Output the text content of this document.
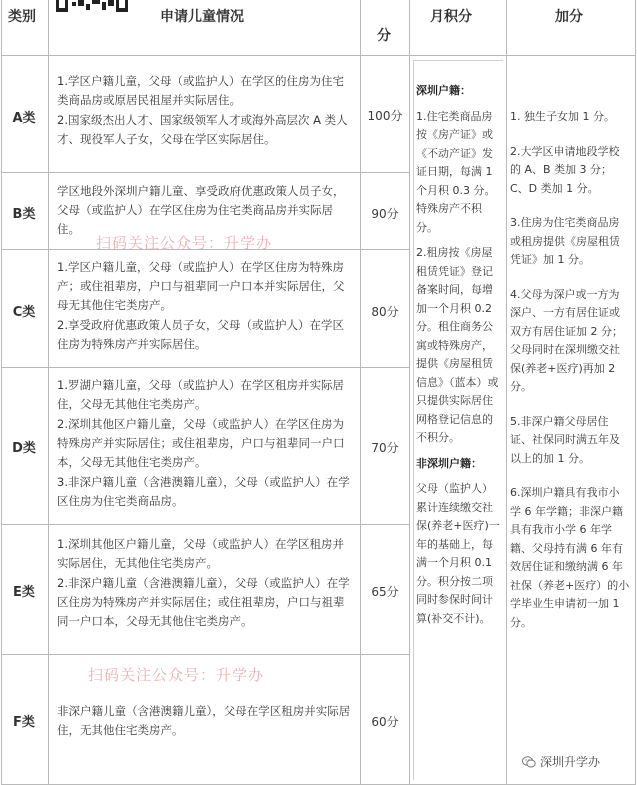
类别	申请儿童情况
分
月积分	加分
A类

1.学区户籍儿童，父母（或监护人）在学区的住房为住宅类商品房或原居民祖屋并实际居住。

2.国家级杰出人才、国家级领军人才或海外高层次 A 类人才、现役军人子女，父母在学区实际居住。

100分
B类

学区地段外深圳户籍儿童、享受政府优惠政策人员子女，父母（或监护人）在学区住房为住宅类商品房并实际居住。

90分
扫码关注公众号：升学办
C类

1.学区户籍儿童，父母（或监护人）在学区住房为特殊房产；或住祖辈房，户口与祖辈同一户口本并实际居住，父母无其他住宅类房产。

2.享受政府优惠政策人员子女，父母（或监护人）在学区住房为特殊房产并实际居住。

80分
D类

1.罗湖户籍儿童，父母（或监护人）在学区租房并实际居住，父母无其他住宅类房产。

2.深圳其他区户籍儿童，父母（或监护人）在学区住房为特殊房产并实际居住；或住祖辈房，户口与祖辈同一户口本，父母无其他住宅类房产。

3.非深户籍儿童（含港澳籍儿童），父母（或监护人）在学区住房为住宅类商品房。

70分
E类

1.深圳其他区户籍儿童，父母（或监护人）在学区租房并实际居住，无其他住宅类房产。

2.非深户籍儿童（含港澳籍儿童），父母（或监护人）在学区住房为特殊房产并实际居住；或住祖辈房，户口与祖辈同一户口本，父母无其他住宅类房产。

65分
扫码关注公众号：升学办
F类

非深户籍儿童（含港澳籍儿童），父母在学区租房并实际居住，无其他住宅类房产。

60分

深圳户籍：

1.住宅类商品房按《房产证》或《不动产证》发证日期，每满 1 个月积 0.3 分。特殊房产不积分。

2.租房按《房屋租赁凭证》登记备案时间，每增加一个月积 0.2 分。租住商务公寓或特殊房产，提供《房屋租赁信息》（蓝本）或只提供实际居住网格登记信息的不积分。

非深圳户籍：

父母（监护人）累计连续缴交社保(养老+医疗)一年的基础上，每满一个月积 0.1 分。积分按二项同时参保时间计算(补交不计)。

1. 独生子女加 1 分。

2.大学区申请地段学校的 A、B 类加 3 分；C、D 类加 1 分。

3.住房为住宅类商品房或租房提供《房屋租赁凭证》加 1 分。

4.父母为深户或一方为深户、一方有居住证或双方有居住证加 2 分；父母同时在深圳缴交社保(养老+医疗)再加 2 分。

5.非深户籍父母居住证、社保同时满五年及以上的加 1 分。

6.深圳户籍具有我市小学 6 年学籍；非深户籍具有我市小学 6 年学籍、父母持有满 6 年有效居住证和缴纳满 6 年社保（养老+医疗）的小学毕业生申请初一加 1 分。

深圳升学办
